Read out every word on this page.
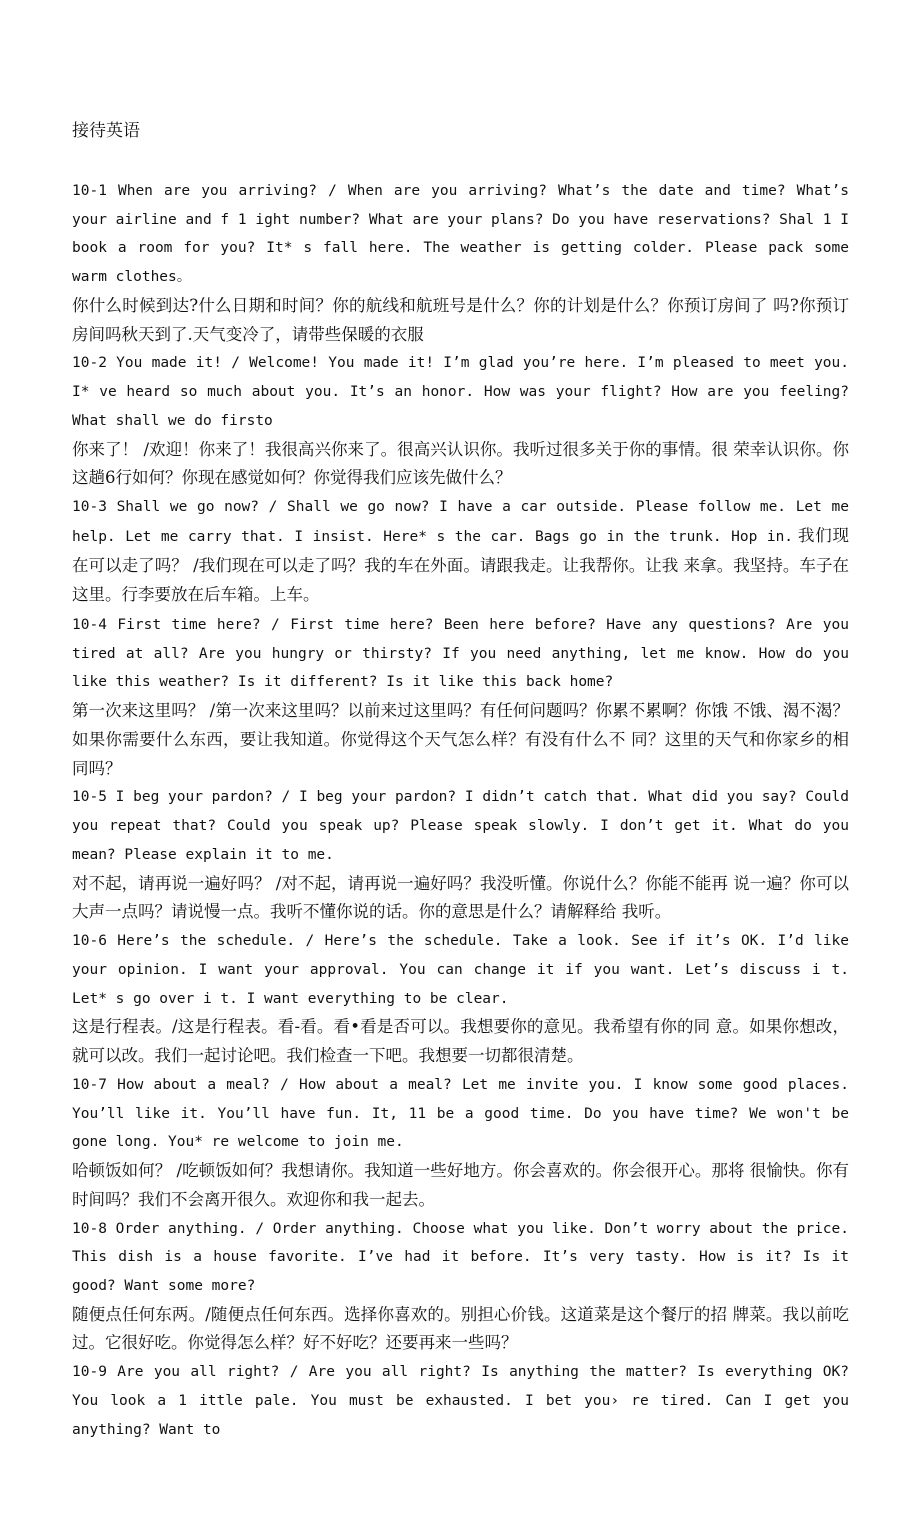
接待英语

10-1 When are you arriving? / When are you arriving? What’s the date and time? What’s your airline and f 1 ight number? What are your plans? Do you have reservations? Shal 1 I book a room for you? It* s fall here. The weather is getting colder. Please pack some warm clothes。

你什么时候到达?什么日期和时间？你的航线和航班号是什么？你的计划是什么？你预订房间了 吗?你预订房间吗秋天到了.天气变冷了，请带些保暖的衣服

10-2 You made it! / Welcome! You made it! I’m glad you’re here. I’m pleased to meet you. I* ve heard so much about you. It’s an honor. How was your flight? How are you feeling? What shall we do firsto

你来了！ /欢迎！你来了！我很高兴你来了。很高兴认识你。我听过很多关于你的事情。很 荣幸认识你。你这趟6行如何？你现在感觉如何？你觉得我们应该先做什么？

10-3 Shall we go now? / Shall we go now? I have a car outside. Please follow me. Let me help. Let me carry that. I insist. Here* s the car. Bags go in the trunk. Hop in. 我们现在可以走了吗？ /我们现在可以走了吗？我的车在外面。请跟我走。让我帮你。让我 来拿。我坚持。车子在这里。行李要放在后车箱。上车。

10-4 First time here? / First time here? Been here before? Have any questions? Are you tired at all? Are you hungry or thirsty? If you need anything, let me know. How do you like this weather? Is it different? Is it like this back home?

第一次来这里吗？ /第一次来这里吗？以前来过这里吗？有任何问题吗？你累不累啊？你饿 不饿、渴不渴？如果你需要什么东西，要让我知道。你觉得这个天气怎么样？有没有什么不 同？这里的天气和你家乡的相同吗？

10-5 I beg your pardon? / I beg your pardon? I didn’t catch that. What did you say? Could you repeat that? Could you speak up? Please speak slowly. I don’t get it. What do you mean? Please explain it to me.

对不起，请再说一遍好吗？ /对不起，请再说一遍好吗？我没听懂。你说什么？你能不能再 说一遍？你可以大声一点吗？请说慢一点。我听不懂你说的话。你的意思是什么？请解释给 我听。

10-6 Here’s the schedule. / Here’s the schedule. Take a look. See if it’s OK. I’d like your opinion. I want your approval. You can change it if you want. Let’s discuss i t. Let* s go over i t. I want everything to be clear.

这是行程表。/这是行程表。看-看。看•看是否可以。我想要你的意见。我希望有你的同 意。如果你想改，就可以改。我们一起讨论吧。我们检查一下吧。我想要一切都很清楚。

10-7 How about a meal? / How about a meal? Let me invite you. I know some good places. You’ll like it. You’ll have fun. It, 11 be a good time. Do you have time? We won't be gone long. You* re welcome to join me.

哈顿饭如何？ /吃顿饭如何？我想请你。我知道一些好地方。你会喜欢的。你会很开心。那将 很愉快。你有时间吗？我们不会离开很久。欢迎你和我一起去。

10-8 Order anything. / Order anything. Choose what you like. Don’t worry about the price. This dish is a house favorite. I’ve had it before. It’s very tasty. How is it? Is it good? Want some more?

随便点任何东两。/随便点任何东西。选择你喜欢的。别担心价钱。这道菜是这个餐厅的招 牌菜。我以前吃过。它很好吃。你觉得怎么样？好不好吃？还要再来一些吗？

10-9 Are you all right? / Are you all right? Is anything the matter? Is everything OK? You look a 1 ittle pale. You must be exhausted. I bet you› re tired. Can I get you anything? Want to
